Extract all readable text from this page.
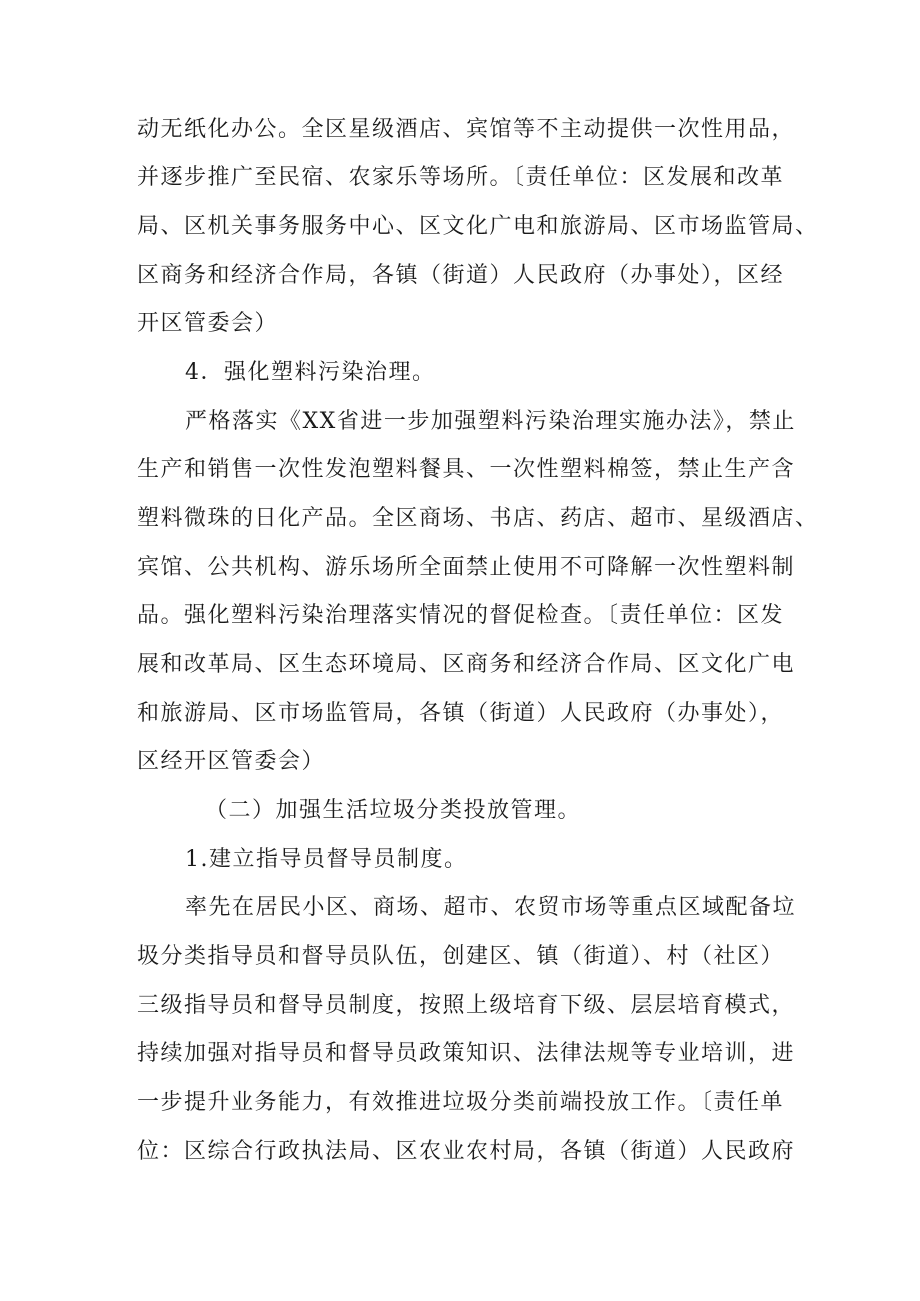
动无纸化办公。全区星级酒店、宾馆等不主动提供一次性用品，
并逐步推广至民宿、农家乐等场所。〔责任单位：区发展和改革
局、区机关事务服务中心、区文化广电和旅游局、区市场监管局、
区商务和经济合作局，各镇（街道）人民政府（办事处），区经
开区管委会）
4．强化塑料污染治理。
严格落实《XX省进一步加强塑料污染治理实施办法》，禁止
生产和销售一次性发泡塑料餐具、一次性塑料棉签，禁止生产含
塑料微珠的日化产品。全区商场、书店、药店、超市、星级酒店、
宾馆、公共机构、游乐场所全面禁止使用不可降解一次性塑料制
品。强化塑料污染治理落实情况的督促检查。〔责任单位：区发
展和改革局、区生态环境局、区商务和经济合作局、区文化广电
和旅游局、区市场监管局，各镇（街道）人民政府（办事处），
区经开区管委会）
（二）加强生活垃圾分类投放管理。
1.建立指导员督导员制度。
率先在居民小区、商场、超市、农贸市场等重点区域配备垃
圾分类指导员和督导员队伍，创建区、镇（街道）、村（社区）
三级指导员和督导员制度，按照上级培育下级、层层培育模式，
持续加强对指导员和督导员政策知识、法律法规等专业培训，进
一步提升业务能力，有效推进垃圾分类前端投放工作。〔责任单
位：区综合行政执法局、区农业农村局，各镇（街道）人民政府
